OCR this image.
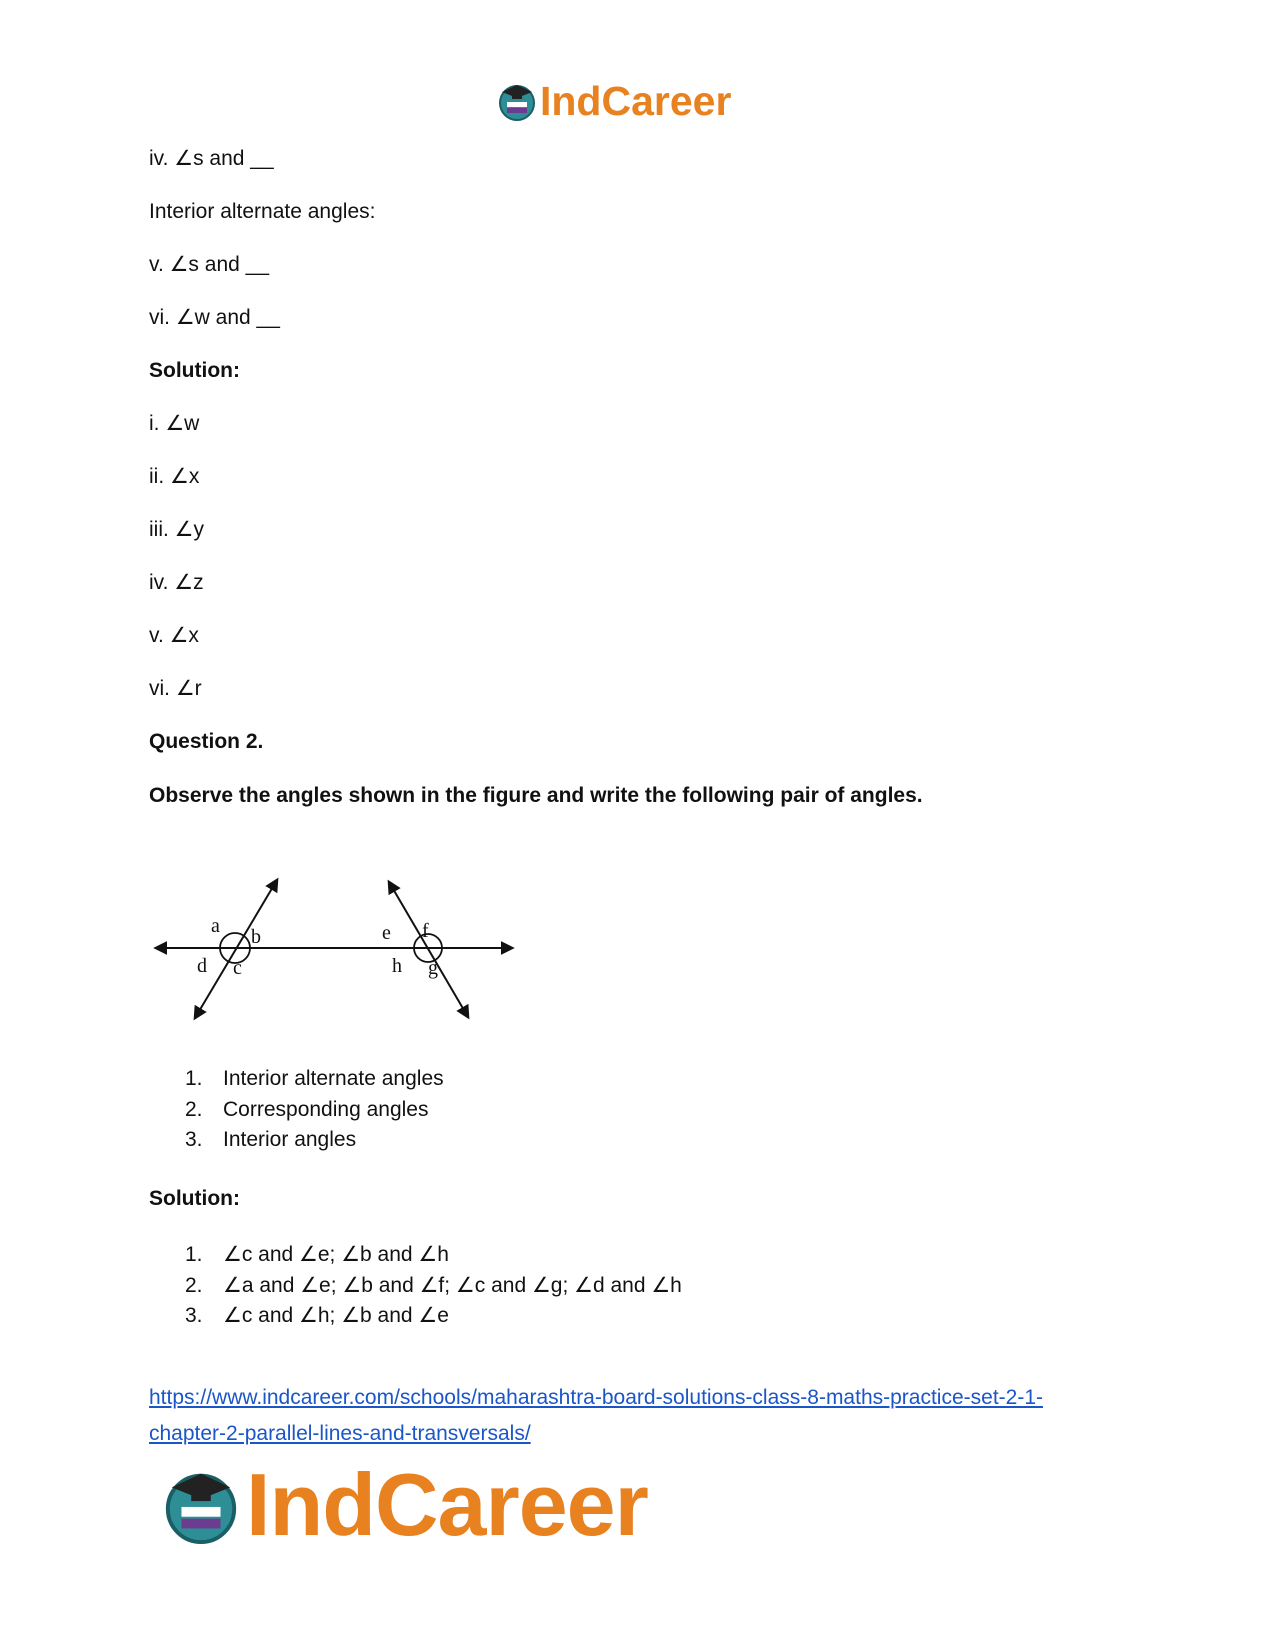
IndCareer
iv. ∠s and __
Interior alternate angles:
v. ∠s and __
vi. ∠w and __
Solution:
i. ∠w
ii. ∠x
iii. ∠y
iv. ∠z
v. ∠x
vi. ∠r
Question 2.
Observe the angles shown in the figure and write the following pair of angles.
a b
c
d
e f
g
h
1. Interior alternate angles
2. Corresponding angles
3. Interior angles
Solution:
1. ∠c and ∠e; ∠b and ∠h
2. ∠a and ∠e; ∠b and ∠f; ∠c and ∠g; ∠d and ∠h
3. ∠c and ∠h; ∠b and ∠e
https://www.indcareer.com/schools/maharashtra-board-solutions-class-8-maths-practice-set-2-1-
chapter-2-parallel-lines-and-transversals/
IndCareer
